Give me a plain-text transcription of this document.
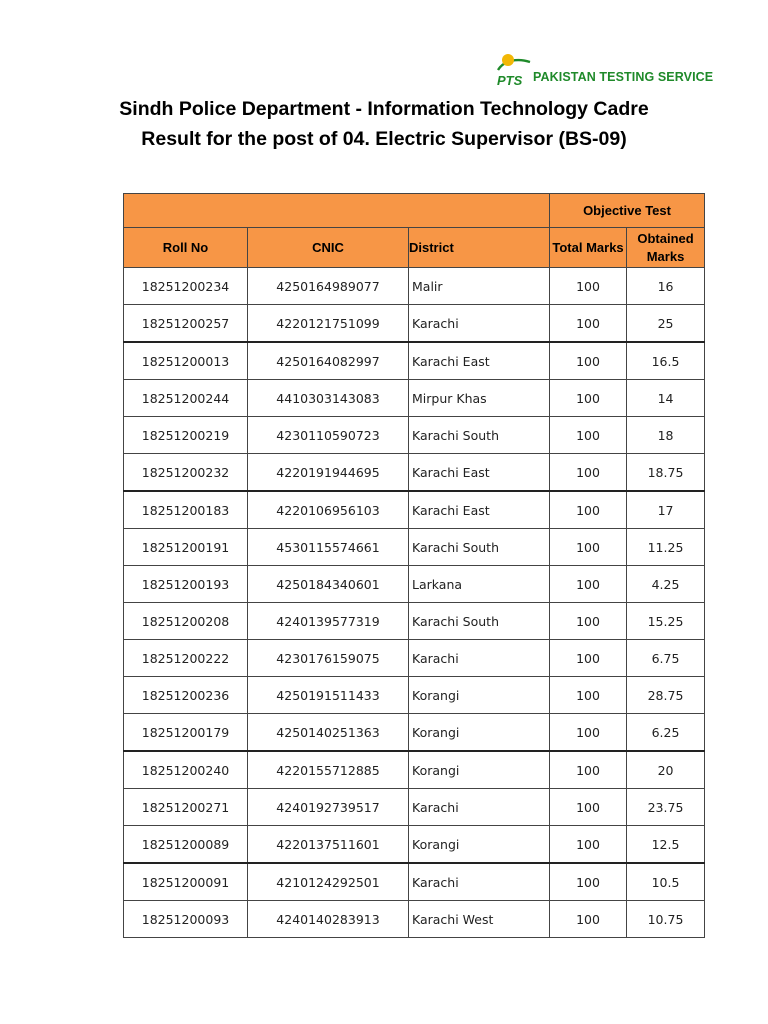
PTS PAKISTAN TESTING SERVICE
Sindh Police Department - Information Technology Cadre
Result for the post of 04. Electric Supervisor (BS-09)
			Objective Test	
Roll No	CNIC	District	Total Marks	Obtained Marks
18251200234	4250164989077	Malir	100	16
18251200257	4220121751099	Karachi	100	25
18251200013	4250164082997	Karachi East	100	16.5
18251200244	4410303143083	Mirpur Khas	100	14
18251200219	4230110590723	Karachi South	100	18
18251200232	4220191944695	Karachi East	100	18.75
18251200183	4220106956103	Karachi East	100	17
18251200191	4530115574661	Karachi South	100	11.25
18251200193	4250184340601	Larkana	100	4.25
18251200208	4240139577319	Karachi South	100	15.25
18251200222	4230176159075	Karachi	100	6.75
18251200236	4250191511433	Korangi	100	28.75
18251200179	4250140251363	Korangi	100	6.25
18251200240	4220155712885	Korangi	100	20
18251200271	4240192739517	Karachi	100	23.75
18251200089	4220137511601	Korangi	100	12.5
18251200091	4210124292501	Karachi	100	10.5
18251200093	4240140283913	Karachi West	100	10.75
